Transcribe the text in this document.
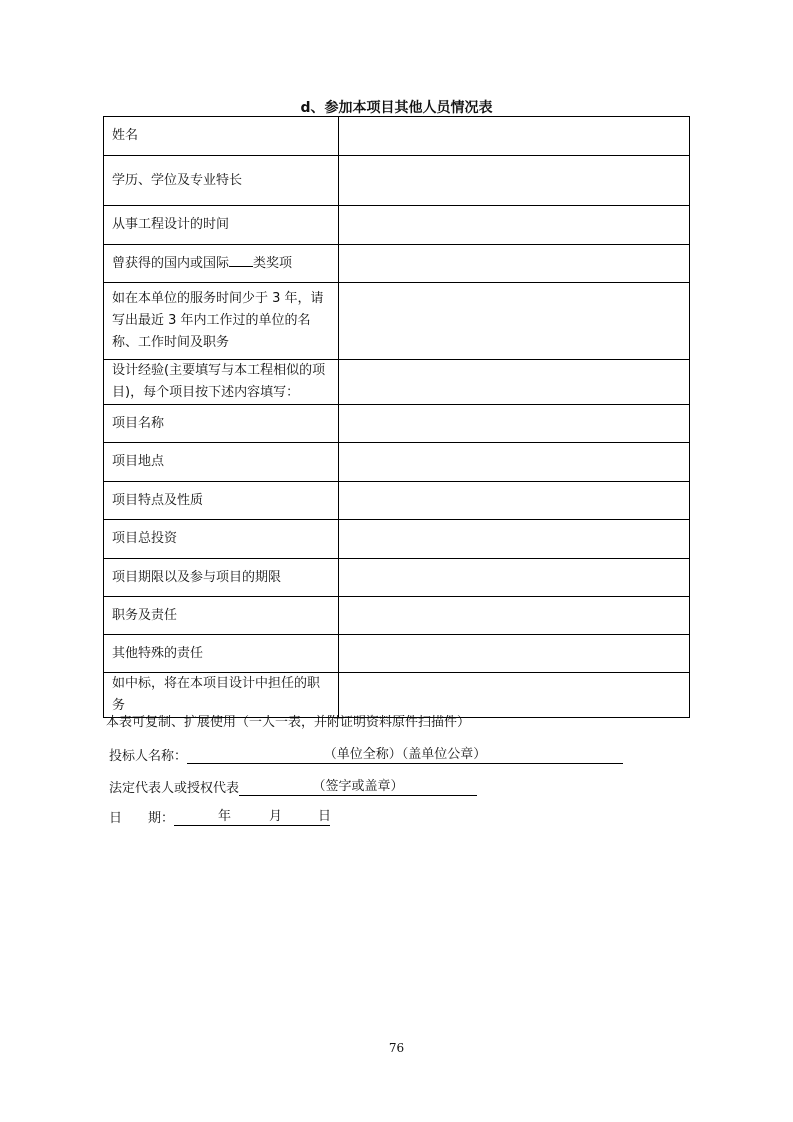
d、参加本项目其他人员情况表
姓名	
学历、学位及专业特长	
从事工程设计的时间	
曾获得的国内或国际 类奖项	
如在本单位的服务时间少于 3 年，请写出最近 3 年内工作过的单位的名称、工作时间及职务	
设计经验(主要填写与本工程相似的项目)，每个项目按下述内容填写：	
项目名称	
项目地点	
项目特点及性质	
项目总投资	
项目期限以及参与项目的期限	
职务及责任	
其他特殊的责任	
如中标，将在本项目设计中担任的职务	
本表可复制、扩展使用（一人一表，并附证明资料原件扫描件）
投标人名称：	（单位全称）（盖单位公章）
法定代表人或授权代表	（签字或盖章）
日　　期：	年	月	日
76
